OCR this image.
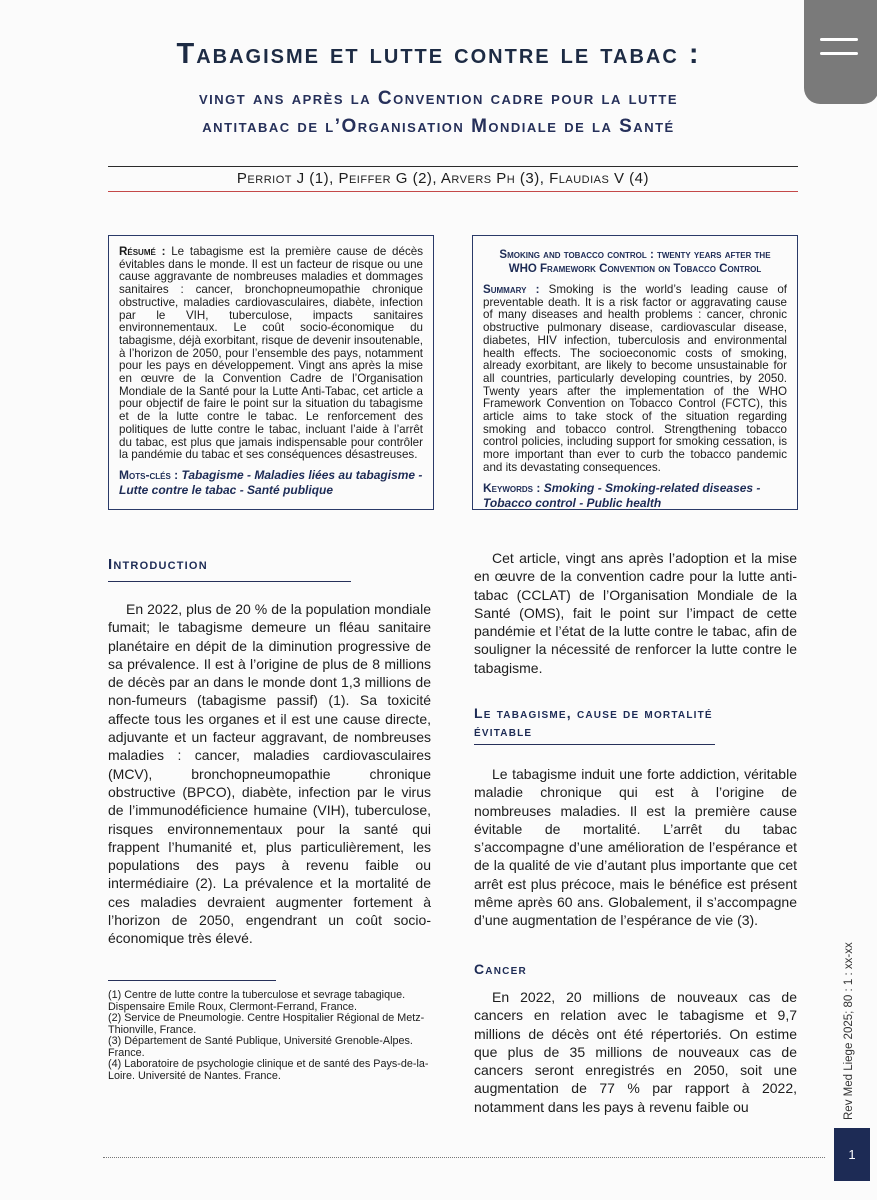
Tabagisme et lutte contre le tabac :
vingt ans après la Convention cadre pour la lutte
antitabac de l’Organisation Mondiale de la Santé
Perriot J (1), Peiffer G (2), Arvers Ph (3), Flaudias V (4)
Résumé : Le tabagisme est la première cause de décès évitables dans le monde. Il est un facteur de risque ou une cause aggravante de nombreuses maladies et dommages sanitaires : cancer, bronchopneumopathie chronique obstructive, maladies cardiovasculaires, diabète, infection par le VIH, tuberculose, impacts sanitaires environnementaux. Le coût socio-économique du tabagisme, déjà exorbitant, risque de devenir insoutenable, à l’horizon de 2050, pour l’ensemble des pays, notamment pour les pays en développement. Vingt ans après la mise en œuvre de la Convention Cadre de l’Organisation Mondiale de la Santé pour la Lutte Anti-Tabac, cet article a pour objectif de faire le point sur la situation du tabagisme et de la lutte contre le tabac. Le renforcement des politiques de lutte contre le tabac, incluant l’aide à l’arrêt du tabac, est plus que jamais indispensable pour contrôler la pandémie du tabac et ses conséquences désastreuses.
Mots-clés : Tabagisme - Maladies liées au tabagisme - Lutte contre le tabac - Santé publique
Smoking and tobacco control : twenty years after the
WHO Framework Convention on Tobacco Control
Summary : Smoking is the world’s leading cause of preventable death. It is a risk factor or aggravating cause of many diseases and health problems : cancer, chronic obstructive pulmonary disease, cardiovascular disease, diabetes, HIV infection, tuberculosis and environmental health effects. The socioeconomic costs of smoking, already exorbitant, are likely to become unsustainable for all countries, particularly developing countries, by 2050. Twenty years after the implementation of the WHO Framework Convention on Tobacco Control (FCTC), this article aims to take stock of the situation regarding smoking and tobacco control. Strengthening tobacco control policies, including support for smoking cessation, is more important than ever to curb the tobacco pandemic and its devastating consequences.
Keywords : Smoking - Smoking-related diseases - Tobacco control - Public health
Introduction
En 2022, plus de 20 % de la population mondiale fumait; le tabagisme demeure un fléau sanitaire planétaire en dépit de la diminution progressive de sa prévalence. Il est à l’origine de plus de 8 millions de décès par an dans le monde dont 1,3 millions de non-fumeurs (tabagisme passif) (1). Sa toxicité affecte tous les organes et il est une cause directe, adjuvante et un facteur aggravant, de nombreuses maladies : cancer, maladies cardiovasculaires (MCV), bronchopneumopathie chronique obstructive (BPCO), diabète, infection par le virus de l’immunodéficience humaine (VIH), tuberculose, risques environnementaux pour la santé qui frappent l’humanité et, plus particulièrement, les populations des pays à revenu faible ou intermédiaire (2). La prévalence et la mortalité de ces maladies devraient augmenter fortement à l’horizon de 2050, engendrant un coût socio-économique très élevé.
(1) Centre de lutte contre la tuberculose et sevrage tabagique. Dispensaire Emile Roux, Clermont-Ferrand, France.
(2) Service de Pneumologie. Centre Hospitalier Régional de Metz-Thionville, France.
(3) Département de Santé Publique, Université Grenoble-Alpes. France.
(4) Laboratoire de psychologie clinique et de santé des Pays-de-la-Loire. Université de Nantes. France.
Cet article, vingt ans après l’adoption et la mise en œuvre de la convention cadre pour la lutte anti-tabac (CCLAT) de l’Organisation Mondiale de la Santé (OMS), fait le point sur l’impact de cette pandémie et l’état de la lutte contre le tabac, afin de souligner la nécessité de renforcer la lutte contre le tabagisme.
Le tabagisme, cause de mortalité
évitable
Le tabagisme induit une forte addiction, véritable maladie chronique qui est à l’origine de nombreuses maladies. Il est la première cause évitable de mortalité. L’arrêt du tabac s’accompagne d’une amélioration de l’espérance et de la qualité de vie d’autant plus importante que cet arrêt est plus précoce, mais le bénéfice est présent même après 60 ans. Globalement, il s’accompagne d’une augmentation de l’espérance de vie (3).
Cancer
En 2022, 20 millions de nouveaux cas de cancers en relation avec le tabagisme et 9,7 millions de décès ont été répertoriés. On estime que plus de 35 millions de nouveaux cas de cancers seront enregistrés en 2050, soit une augmentation de 77 % par rapport à 2022, notamment dans les pays à revenu faible ou	Rev Med Liege 2025; 80 : 1 : xx-xx
1
